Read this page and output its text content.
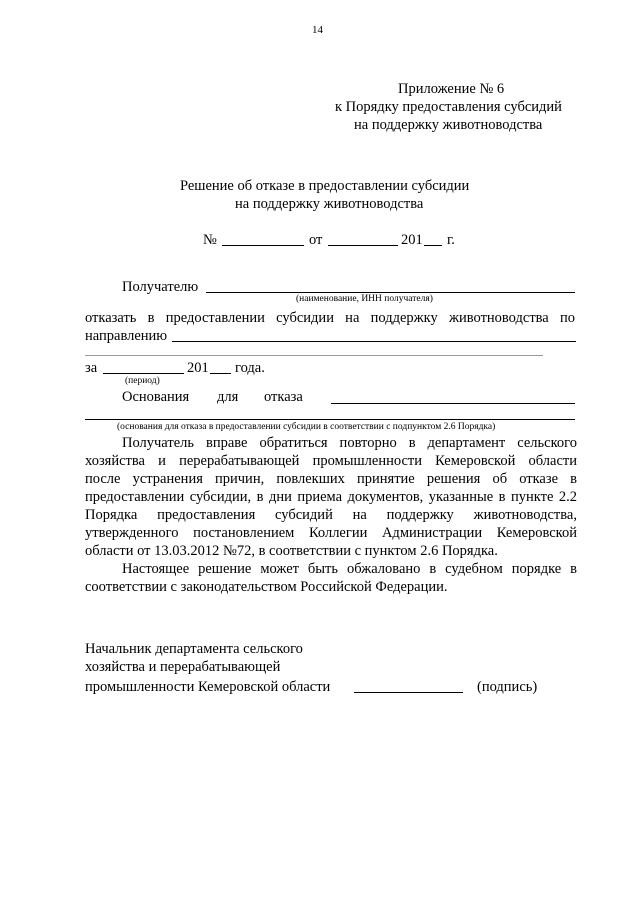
14
Приложение № 6
к Порядку предоставления субсидий
на поддержку животноводства
Решение об отказе в предоставлении субсидии
на поддержку животноводства
№	от	201 г.
Получателю
(наименование, ИНН получателя)
отказать в предоставлении субсидии на поддержку животноводства по
направлению
за	201 года.
(период)
Основания для отказа
(основания для отказа в предоставлении субсидии в соответствии с подпунктом 2.6 Порядка)
Получатель вправе обратиться повторно в департамент сельского
хозяйства и перерабатывающей промышленности Кемеровской области
после устранения причин, повлекших принятие решения об отказе в
предоставлении субсидии, в дни приема документов, указанные в пункте 2.2
Порядка предоставления субсидий на поддержку животноводства,
утвержденного постановлением Коллегии Администрации Кемеровской
области от 13.03.2012 №72, в соответствии с пунктом 2.6 Порядка.
Настоящее решение может быть обжаловано в судебном порядке в
соответствии с законодательством Российской Федерации.
Начальник департамента сельского
хозяйства и перерабатывающей
промышленности Кемеровской области	(подпись)
